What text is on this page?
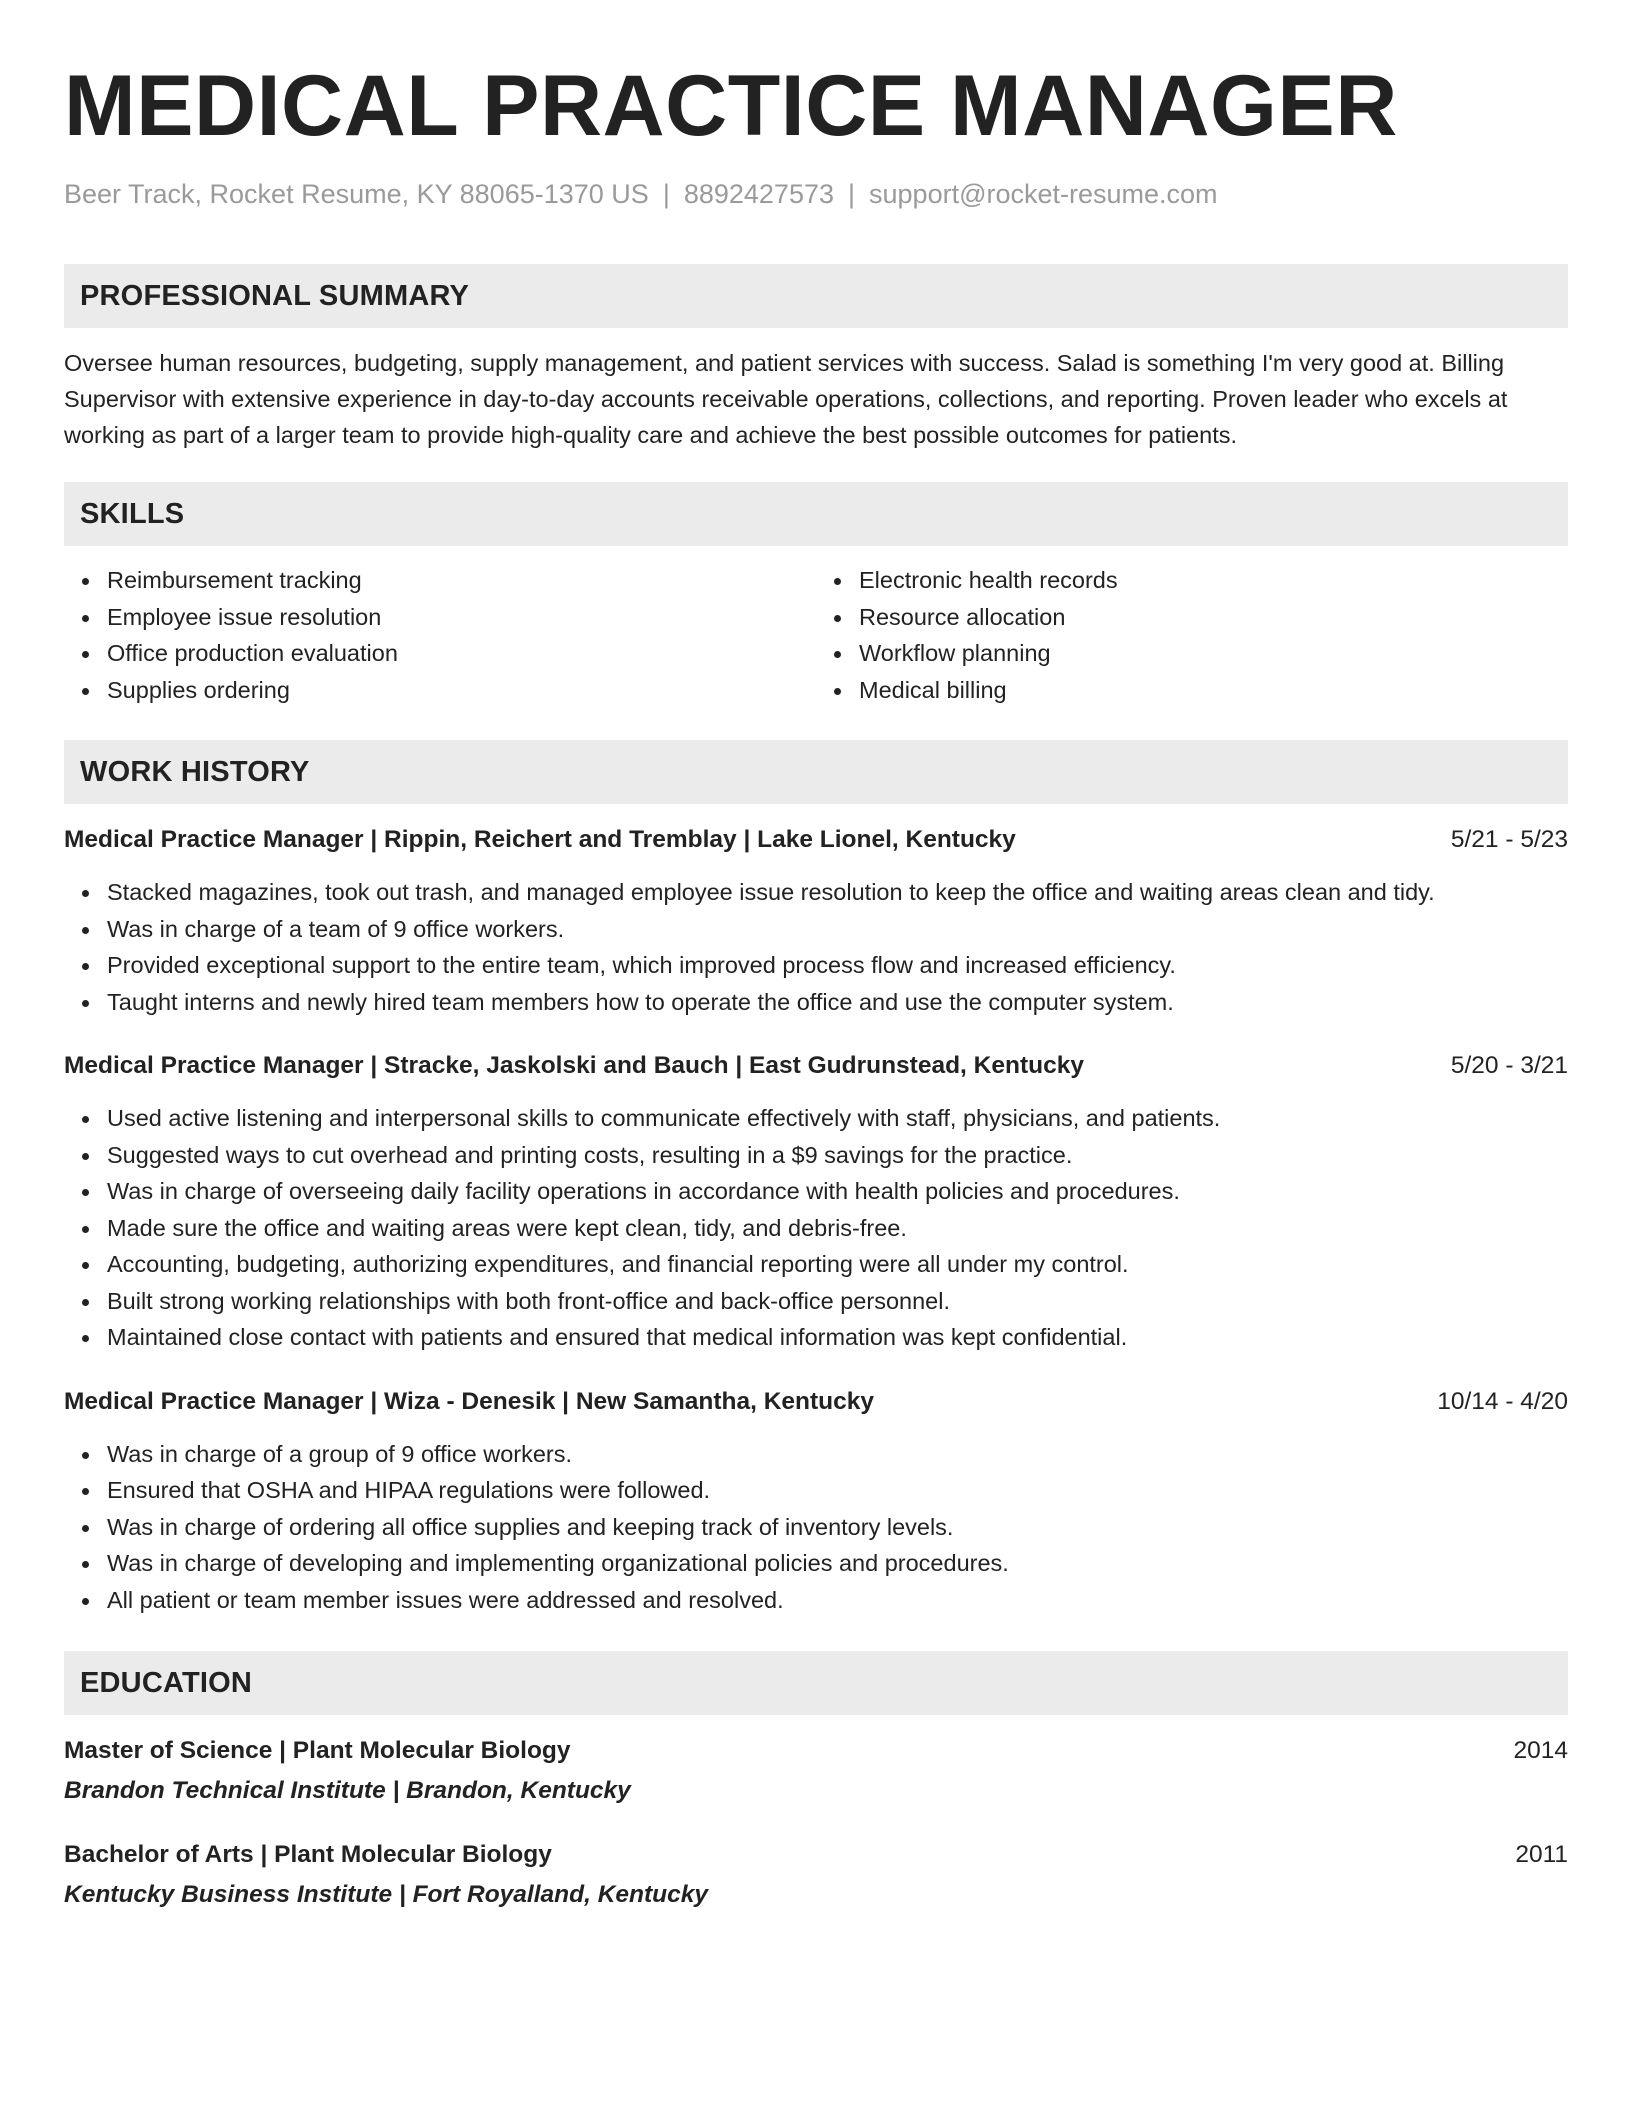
MEDICAL PRACTICE MANAGER
Beer Track, Rocket Resume, KY 88065-1370 US | 8892427573 | support@rocket-resume.com
PROFESSIONAL SUMMARY
Oversee human resources, budgeting, supply management, and patient services with success. Salad is something I'm very good at. Billing Supervisor with extensive experience in day-to-day accounts receivable operations, collections, and reporting. Proven leader who excels at working as part of a larger team to provide high-quality care and achieve the best possible outcomes for patients.
SKILLS
Reimbursement tracking
Employee issue resolution
Office production evaluation
Supplies ordering
Electronic health records
Resource allocation
Workflow planning
Medical billing
WORK HISTORY
Medical Practice Manager | Rippin, Reichert and Tremblay | Lake Lionel, Kentucky	5/21 - 5/23
Stacked magazines, took out trash, and managed employee issue resolution to keep the office and waiting areas clean and tidy.
Was in charge of a team of 9 office workers.
Provided exceptional support to the entire team, which improved process flow and increased efficiency.
Taught interns and newly hired team members how to operate the office and use the computer system.
Medical Practice Manager | Stracke, Jaskolski and Bauch | East Gudrunstead, Kentucky	5/20 - 3/21
Used active listening and interpersonal skills to communicate effectively with staff, physicians, and patients.
Suggested ways to cut overhead and printing costs, resulting in a $9 savings for the practice.
Was in charge of overseeing daily facility operations in accordance with health policies and procedures.
Made sure the office and waiting areas were kept clean, tidy, and debris-free.
Accounting, budgeting, authorizing expenditures, and financial reporting were all under my control.
Built strong working relationships with both front-office and back-office personnel.
Maintained close contact with patients and ensured that medical information was kept confidential.
Medical Practice Manager | Wiza - Denesik | New Samantha, Kentucky	10/14 - 4/20
Was in charge of a group of 9 office workers.
Ensured that OSHA and HIPAA regulations were followed.
Was in charge of ordering all office supplies and keeping track of inventory levels.
Was in charge of developing and implementing organizational policies and procedures.
All patient or team member issues were addressed and resolved.
EDUCATION
Master of Science | Plant Molecular Biology	2014
Brandon Technical Institute | Brandon, Kentucky
Bachelor of Arts | Plant Molecular Biology	2011
Kentucky Business Institute | Fort Royalland, Kentucky
